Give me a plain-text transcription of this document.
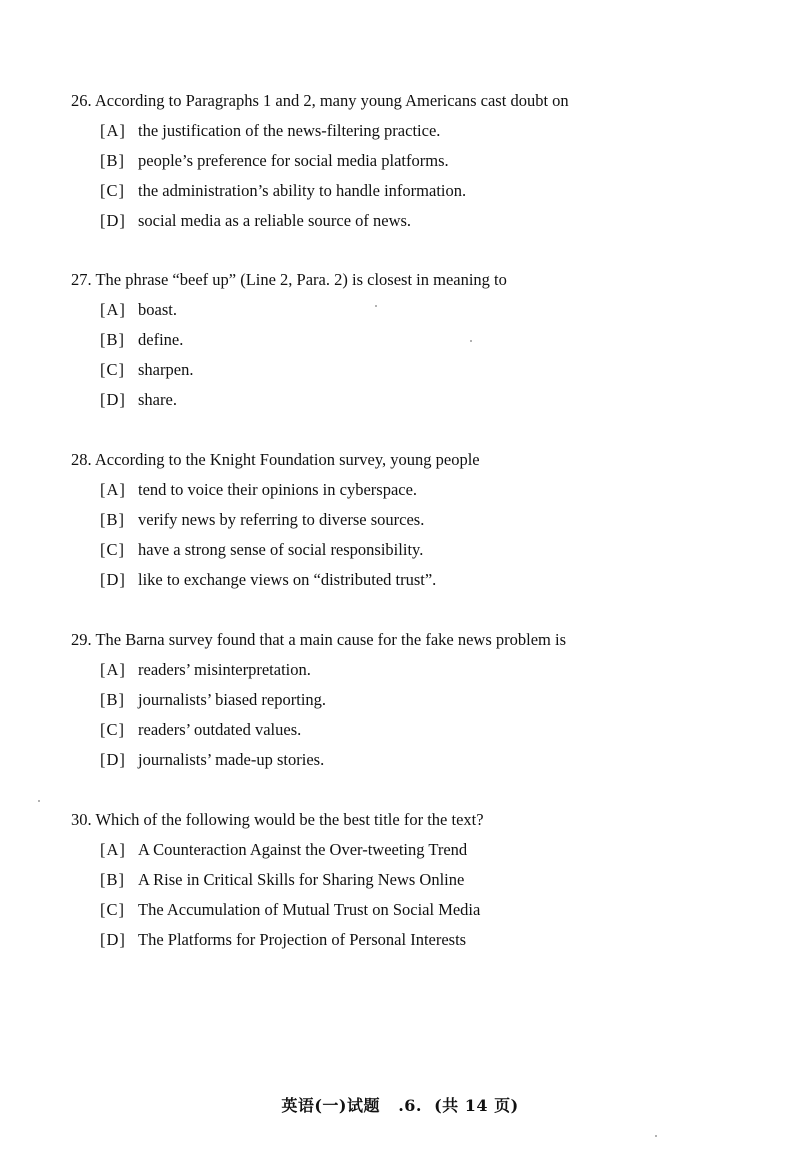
26. According to Paragraphs 1 and 2, many young Americans cast doubt on
[A] the justification of the news-filtering practice.
[B] people’s preference for social media platforms.
[C] the administration’s ability to handle information.
[D] social media as a reliable source of news.
27. The phrase “beef up” (Line 2, Para. 2) is closest in meaning to
[A] boast.
[B] define.
[C] sharpen.
[D] share.
28. According to the Knight Foundation survey, young people
[A] tend to voice their opinions in cyberspace.
[B] verify news by referring to diverse sources.
[C] have a strong sense of social responsibility.
[D] like to exchange views on “distributed trust”.
29. The Barna survey found that a main cause for the fake news problem is
[A] readers’ misinterpretation.
[B] journalists’ biased reporting.
[C] readers’ outdated values.
[D] journalists’ made-up stories.
30. Which of the following would be the best title for the text?
[A] A Counteraction Against the Over-tweeting Trend
[B] A Rise in Critical Skills for Sharing News Online
[C] The Accumulation of Mutual Trust on Social Media
[D] The Platforms for Projection of Personal Interests
英语(一)试题 .6. (共 14 页)
